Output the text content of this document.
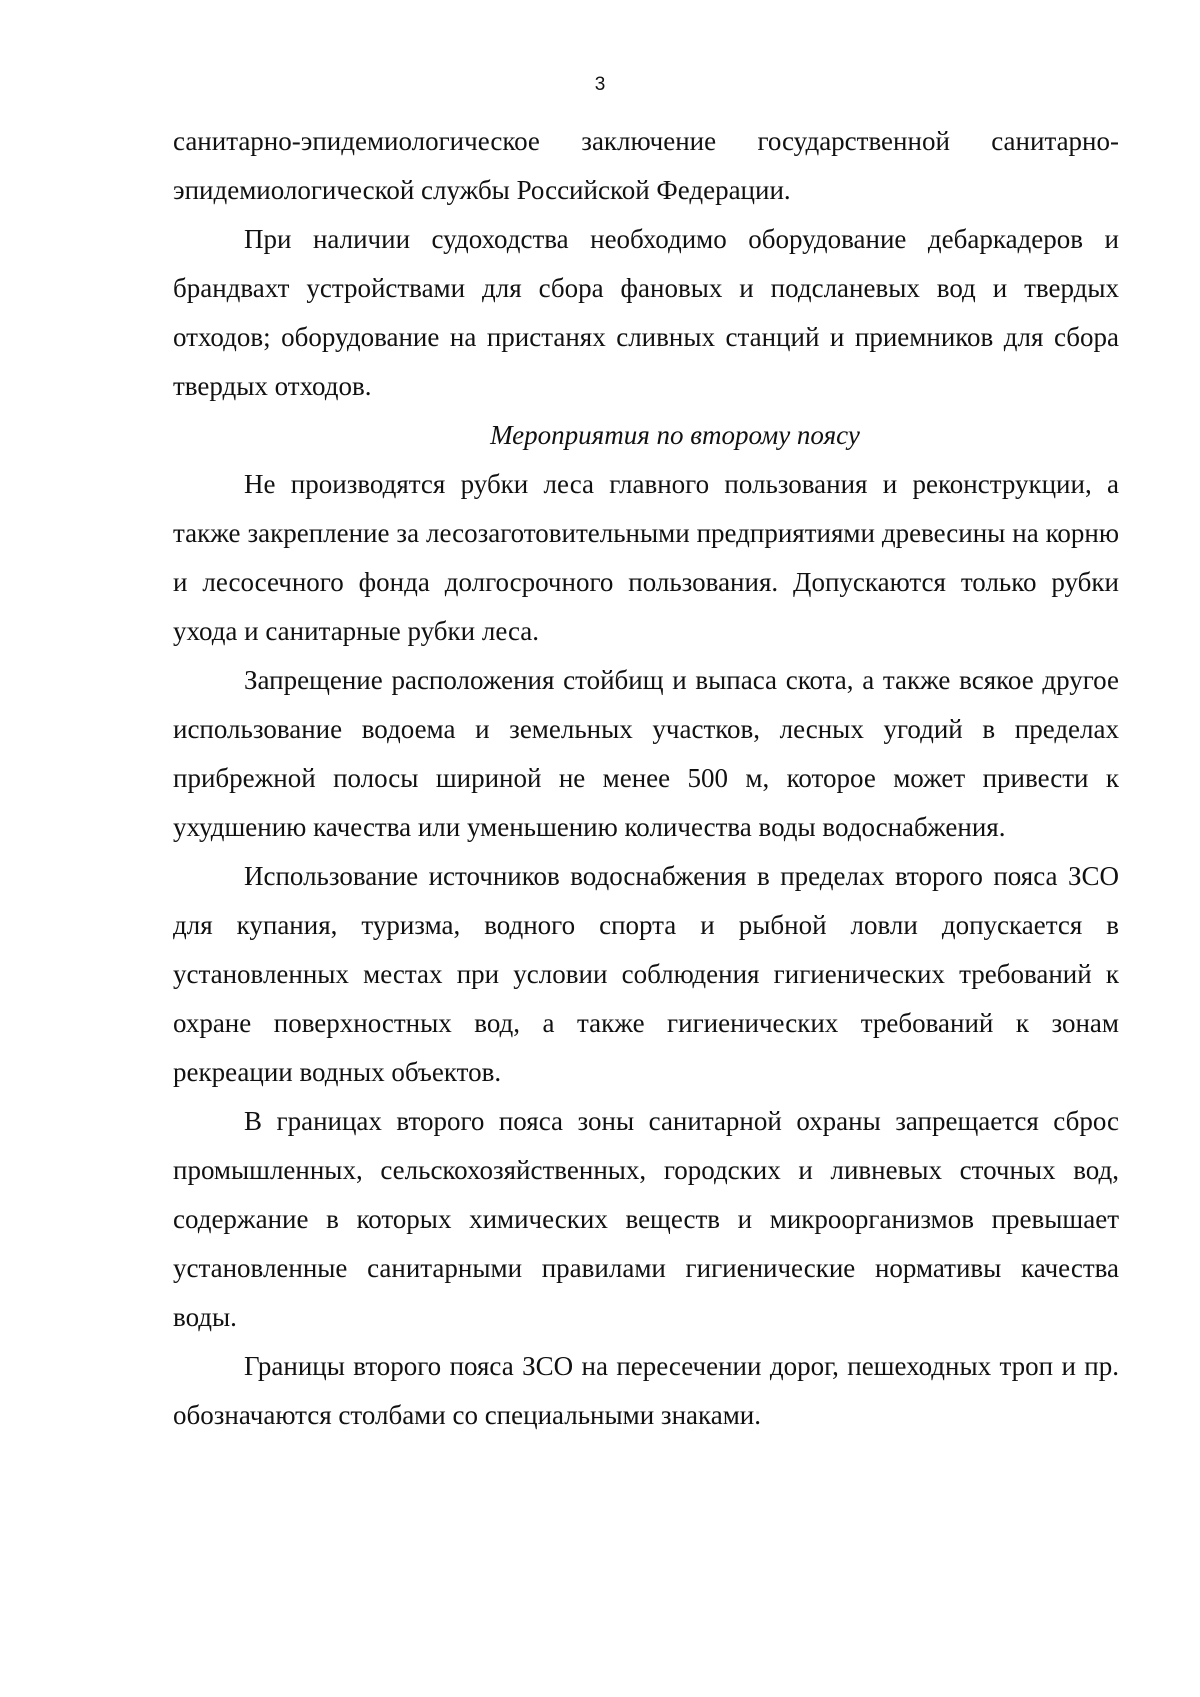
3

санитарно-эпидемиологическое заключение государственной санитарно-эпидемиологической службы Российской Федерации.

При наличии судоходства необходимо оборудование дебаркадеров и брандвахт устройствами для сбора фановых и подсланевых вод и твердых отходов; оборудование на пристанях сливных станций и приемников для сбора твердых отходов.

Мероприятия по второму поясу

Не производятся рубки леса главного пользования и реконструкции, а также закрепление за лесозаготовительными предприятиями древесины на корню и лесосечного фонда долгосрочного пользования. Допускаются только рубки ухода и санитарные рубки леса.

Запрещение расположения стойбищ и выпаса скота, а также всякое другое использование водоема и земельных участков, лесных угодий в пределах прибрежной полосы шириной не менее 500 м, которое может привести к ухудшению качества или уменьшению количества воды водоснабжения.

Использование источников водоснабжения в пределах второго пояса ЗСО для купания, туризма, водного спорта и рыбной ловли допускается в установленных местах при условии соблюдения гигиенических требований к охране поверхностных вод, а также гигиенических требований к зонам рекреации водных объектов.

В границах второго пояса зоны санитарной охраны запрещается сброс промышленных, сельскохозяйственных, городских и ливневых сточных вод, содержание в которых химических веществ и микроорганизмов превышает установленные санитарными правилами гигиенические нормативы качества воды.

Границы второго пояса ЗСО на пересечении дорог, пешеходных троп и пр. обозначаются столбами со специальными знаками.
